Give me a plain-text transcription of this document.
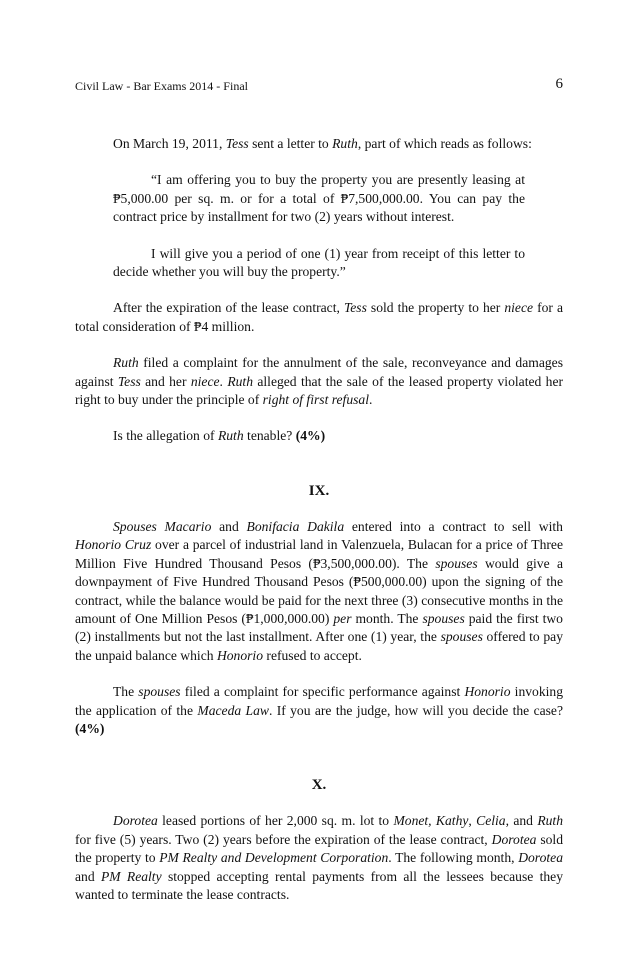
Civil Law - Bar Exams 2014 - Final	6

On March 19, 2011, Tess sent a letter to Ruth, part of which reads as follows:

“I am offering you to buy the property you are presently leasing at ₱5,000.00 per sq. m. or for a total of ₱7,500,000.00. You can pay the contract price by installment for two (2) years without interest.

I will give you a period of one (1) year from receipt of this letter to decide whether you will buy the property.”

After the expiration of the lease contract, Tess sold the property to her niece for a total consideration of ₱4 million.

Ruth filed a complaint for the annulment of the sale, reconveyance and damages against Tess and her niece. Ruth alleged that the sale of the leased property violated her right to buy under the principle of right of first refusal.

Is the allegation of Ruth tenable? (4%)

IX.

Spouses Macario and Bonifacia Dakila entered into a contract to sell with Honorio Cruz over a parcel of industrial land in Valenzuela, Bulacan for a price of Three Million Five Hundred Thousand Pesos (₱3,500,000.00). The spouses would give a downpayment of Five Hundred Thousand Pesos (₱500,000.00) upon the signing of the contract, while the balance would be paid for the next three (3) consecutive months in the amount of One Million Pesos (₱1,000,000.00) per month. The spouses paid the first two (2) installments but not the last installment. After one (1) year, the spouses offered to pay the unpaid balance which Honorio refused to accept.

The spouses filed a complaint for specific performance against Honorio invoking the application of the Maceda Law. If you are the judge, how will you decide the case? (4%)

X.

Dorotea leased portions of her 2,000 sq. m. lot to Monet, Kathy, Celia, and Ruth for five (5) years. Two (2) years before the expiration of the lease contract, Dorotea sold the property to PM Realty and Development Corporation. The following month, Dorotea and PM Realty stopped accepting rental payments from all the lessees because they wanted to terminate the lease contracts.
